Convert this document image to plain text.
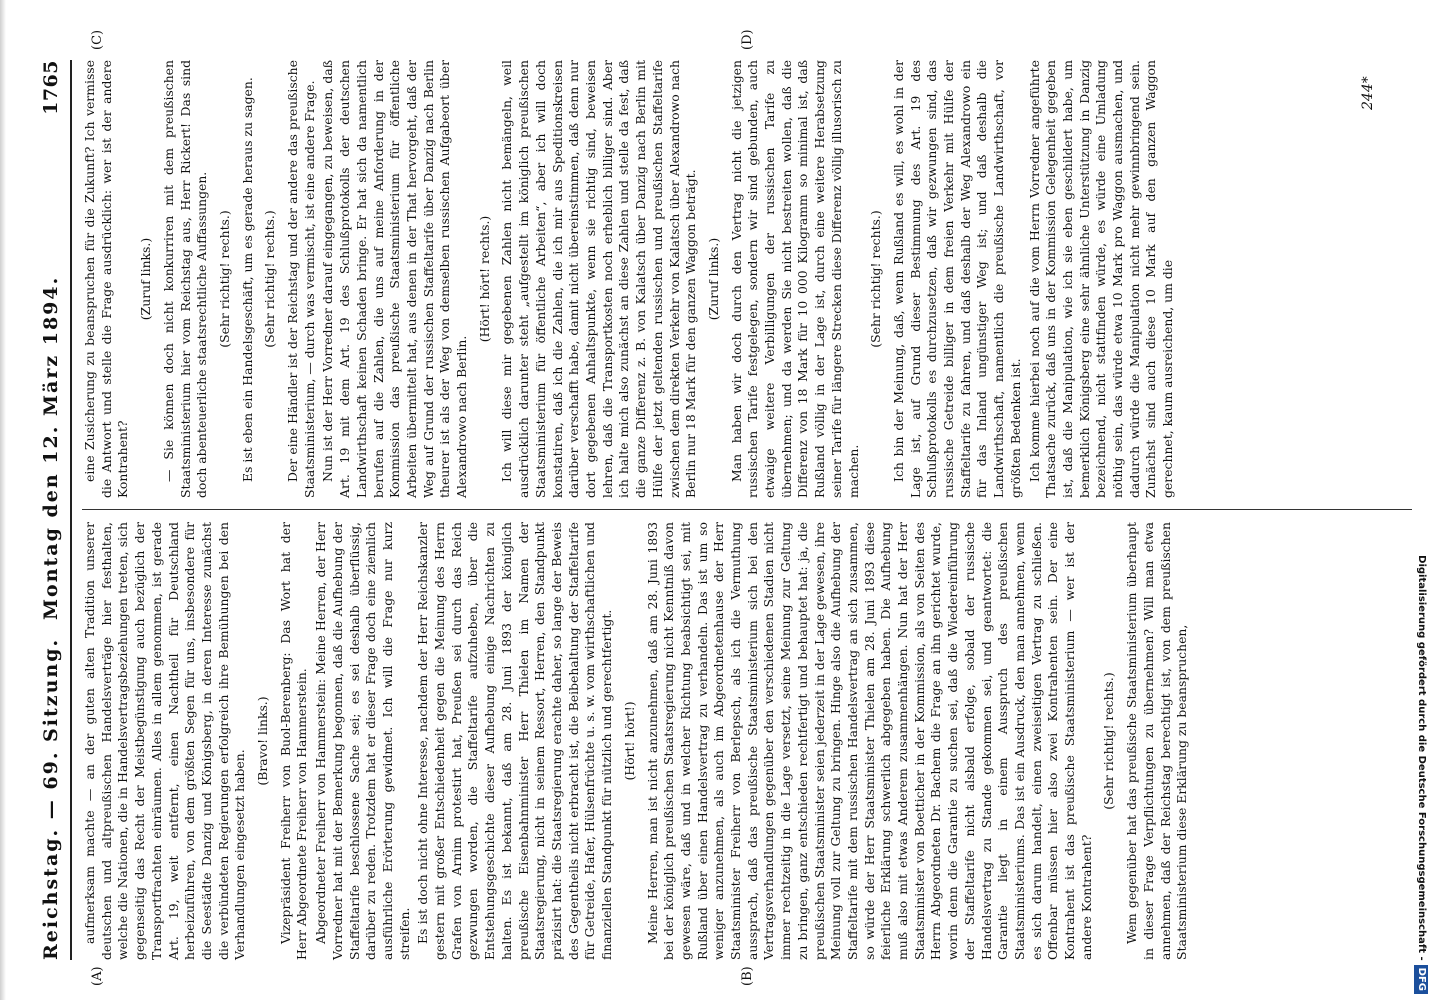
Reichstag. — 69. Sitzung.
Montag den 12. März 1894.
1765

aufmerksam machte — an der guten alten Tradition unserer deutschen und altpreußischen Handelsverträge hier festhalten, welche die Nationen, die in Handelsvertragsbeziehungen treten, sich gegenseitig das Recht der Meistbegünstigung auch bezüglich der Transportfrachten einräumen. Alles in allem genommen, ist gerade Art. 19, weit entfernt, einen Nachtheil für Deutschland herbeizuführen, von dem größten Segen für uns, insbesondere für die Seestädte Danzig und Königsberg, in deren Interesse zunächst die verbündeten Regierungen erfolgreich ihre Bemühungen bei den Verhandlungen eingesetzt haben.

(Bravo! links.) Vizepräsident Freiherr von Buol-Berenberg: Das Wort hat der Herr Abgeordnete Freiherr von Hammerstein. Abgeordneter Freiherr von Hammerstein: Meine Herren, der Herr Vorredner hat mit der Bemerkung begonnen, daß die Aufhebung der Staffeltarife beschlossene Sache sei; es sei deshalb überflüssig, darüber zu reden. Trotzdem hat er dieser Frage doch eine ziemlich ausführliche Erörterung gewidmet. Ich will die Frage nur kurz streifen. Es ist doch nicht ohne Interesse, nachdem der Herr Reichskanzler gestern mit großer Entschiedenheit gegen die Meinung des Herrn Grafen von Arnim protestirt hat, Preußen sei durch das Reich gezwungen worden, die Staffeltarife aufzuheben, über die Entstehungsgeschichte dieser Aufhebung einige Nachrichten zu halten. Es ist bekannt, daß am 28. Juni 1893 der königlich preußische Eisenbahnminister Herr Thielen im Namen der Staatsregierung, nicht in seinem Ressort, Herren, den Standpunkt präzisirt hat: die Staatsregierung erachte daher, so lange der Beweis des Gegentheils nicht erbracht ist, die Beibehaltung der Staffeltarife für Getreide, Hafer, Hülsenfrüchte u. s. w. vom wirthschaftlichen und finanziellen Standpunkt für nützlich und gerechtfertigt. (Hört! hört!) Meine Herren, man ist nicht anzunehmen, daß am 28. Juni 1893 bei der königlich preußischen Staatsregierung nicht Kenntniß davon gewesen wäre, daß und in welcher Richtung beabsichtigt sei, mit Rußland über einen Handelsvertrag zu verhandeln. Das ist um so weniger anzunehmen, als auch im Abgeordnetenhause der Herr Staatsminister Freiherr von Berlepsch, als ich die Vermuthung aussprach, daß das preußische Staatsministerium sich bei den Vertragsverhandlungen gegenüber den verschiedenen Stadien nicht immer rechtzeitig in die Lage versetzt, seine Meinung zur Geltung zu bringen, ganz entschieden rechtfertigt und behauptet hat: ja, die preußischen Staatsminister seien jederzeit in der Lage gewesen, ihre Meinung voll zur Geltung zu bringen. Hinge also die Aufhebung der Staffeltarife mit dem russischen Handelsvertrag an sich zusammen, so würde der Herr Staatsminister Thielen am 28. Juni 1893 diese feierliche Erklärung schwerlich abgegeben haben. Die Aufhebung muß also mit etwas Anderem zusammenhängen. Nun hat der Herr Staatsminister von Boetticher in der Kommission, als von Seiten des Herrn Abgeordneten Dr. Bachem die Frage an ihn gerichtet wurde, worin denn die Garantie zu suchen sei, daß die Wiedereinführung der Staffeltarife nicht alsbald erfolge, sobald der russische Handelsvertrag zu Stande gekommen sei, und geantwortet: die Garantie liegt in einem Ausspruch des preußischen Staatsministeriums. Das ist ein Ausdruck, den man annehmen, wenn es sich darum handelt, einen zweiseitigen Vertrag zu schließen. Offenbar müssen hier also zwei Kontrahenten sein. Der eine Kontrahent ist das preußische Staatsministerium — wer ist der andere Kontrahent?

(Sehr richtig! rechts.) Wem gegenüber hat das preußische Staatsministerium überhaupt in dieser Frage Verpflichtungen zu übernehmen? Will man etwa annehmen, daß der Reichstag berechtigt ist, von dem preußischen Staatsministerium diese Erklärung zu beanspruchen,

eine Zusicherung zu beanspruchen für die Zukunft? Ich vermisse die Antwort und stelle die Frage ausdrücklich: wer ist der andere Kontrahent?

(Zuruf links.) — Sie können doch nicht konkurriren mit dem preußischen Staatsministerium hier vom Reichstag aus, Herr Rickert! Das sind doch abenteuerliche staatsrechtliche Auffassungen. (Sehr richtig! rechts.) Es ist eben ein Handelsgeschäft, um es gerade heraus zu sagen. (Sehr richtig! rechts.) Der eine Händler ist der Reichstag und der andere das preußische Staatsministerium, — durch was vermischt, ist eine andere Frage. Nun ist der Herr Vorredner darauf eingegangen, zu beweisen, daß Art. 19 mit dem Art. 19 des Schlußprotokolls der deutschen Landwirthschaft keinen Schaden bringe. Er hat sich da namentlich berufen auf die Zahlen, die uns auf meine Anforderung in der Kommission das preußische Staatsministerium für öffentliche Arbeiten übermittelt hat, aus denen in der That hervorgeht, daß der Weg auf Grund der russischen Staffeltarife über Danzig nach Berlin theurer ist als der Weg von demselben russischen Aufgabeort über Alexandrowo nach Berlin.

(Hört! hört! rechts.) Ich will diese mir gegebenen Zahlen nicht bemängeln, weil ausdrücklich darunter steht „aufgestellt im königlich preußischen Staatsministerium für öffentliche Arbeiten“, aber ich will doch konstatiren, daß ich die Zahlen, die ich mir aus Speditionskreisen darüber verschafft habe, damit nicht übereinstimmen, daß denn nur dort gegebenen Anhaltspunkte, wenn sie richtig sind, beweisen lehren, daß die Transportkosten noch erheblich billiger sind. Aber ich halte mich also zunächst an diese Zahlen und stelle da fest, daß die ganze Differenz z. B. von Kalatsch über Danzig nach Berlin mit Hülfe der jetzt geltenden russischen und preußischen Staffeltarife zwischen dem direkten Verkehr von Kalatsch über Alexandrowo nach Berlin nur 18 Mark für den ganzen Waggon beträgt. (Zuruf links.) Man haben wir doch durch den Vertrag nicht die jetzigen russischen Tarife festgelegen, sondern wir sind gebunden, auch etwaige weitere Verbilligungen der russischen Tarife zu übernehmen; und da werden Sie nicht bestreiten wollen, daß die Differenz von 18 Mark für 10 000 Kilogramm so minimal ist, daß Rußland völlig in der Lage ist, durch eine weitere Herabsetzung seiner Tarife für längere Strecken diese Differenz völlig illusorisch zu machen.

(Sehr richtig! rechts.) Ich bin der Meinung, daß, wenn Rußland es will, es wohl in der Lage ist, auf Grund dieser Bestimmung des Art. 19 des Schlußprotokolls es durchzusetzen, daß wir gezwungen sind, das russische Getreide billiger in dem freien Verkehr mit Hülfe der Staffeltarife zu fahren, und daß deshalb der Weg Alexandrowo ein für das Inland ungünstiger Weg ist; und daß deshalb die Landwirthschaft, namentlich die preußische Landwirthschaft, vor größten Bedenken ist. Ich komme hierbei noch auf die vom Herrn Vorredner angeführte Thatsache zurück, daß uns in der Kommission Gelegenheit gegeben ist, daß die Manipulation, wie ich sie eben geschildert habe, um bemerklich Königsberg eine sehr ähnliche Unterstützung in Danzig bezeichnend, nicht stattfinden würde, es würde eine Umladung nöthig sein, das würde etwa 10 Mark pro Waggon ausmachen, und dadurch würde die Manipulation nicht mehr gewinnbringend sein. Zunächst sind auch diese 10 Mark auf den ganzen Waggon gerechnet, kaum ausreichend, um die

(A)	(B)
(C)	(D)
244*
Digitalisierung gefördert durch die Deutsche Forschungsgemeinschaft -DFG
